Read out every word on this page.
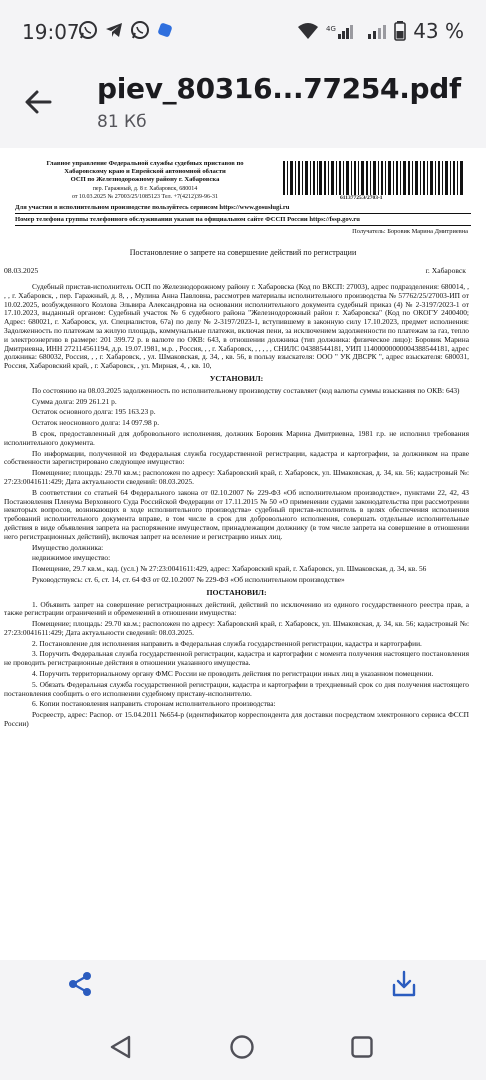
19:07	4G	43 %
piev_80316...77254.pdf
81 Кб
Главное управление Федеральной службы судебных приставов по
Хабаровскому краю и Еврейской автономной области
ОСП по Железнодорожному району г. Хабаровска
пер. Гаражный, д. 8 г. Хабаровск, 680014
от 10.03.2025 № 27003/25/1085123 Тел. +7(4212)39-96-31	61137725Э/2703-1
Для участия в исполнительном производстве пользуйтесь сервисом https://www.gosuslugi.ru
Номер телефона группы телефонного обслуживания указан на официальном сайте ФССП России https://fssp.gov.ru
Получатель: Боровик Марина Дмитриевна
Постановление о запрете на совершение действий по регистрации
08.03.2025	г. Хабаровск

Судебный пристав-исполнитель ОСП по Железнодорожному району г. Хабаровска (Код по ВКСП: 27003), адрес подразделения: 680014, , , , г. Хабаровск, , пер. Гаражный, д. 8, , , Мулина Анна Павловна, рассмотрев материалы исполнительного производства № 57762/25/27003-ИП от 10.02.2025, возбужденного Козлова Эльвира Александровна на основании исполнительного документа судебный приказ (4) № 2-3197/2023-1 от 17.10.2023, выданный органом: Судебный участок № 6 судебного района "Железнодорожный район г. Хабаровска" (Код по ОКОГУ 2400400; Адрес: 680021, г. Хабаровск, ул. Специалистов, 67а) по делу № 2-3197/2023-1, вступившему в законную силу 17.10.2023, предмет исполнения: Задолженность по платежам за жилую площадь, коммунальные платежи, включая пени, за исключением задолженности по платежам за газ, тепло и электроэнергию в размере: 201 399.72 р. в валюте по ОКВ: 643, в отношении должника (тип должника: физическое лицо): Боровик Марина Дмитриевна, ИНН 272114561194, д.р. 19.07.1981, м.р. , Россия, , , г. Хабаровск, , , , , , СНИЛС 04388544181, УИП 11400000000004388544181, адрес должника: 680032, Россия, , , г. Хабаровск, , ул. Шмаковская, д. 34, , кв. 56, в пользу взыскателя: ООО " УК ДВСРК ", адрес взыскателя: 680031, Россия, Хабаровский край, , г. Хабаровск, , ул. Мирная, 4, , кв. 10,

УСТАНОВИЛ:

По состоянию на 08.03.2025 задолженность по исполнительному производству составляет (код валюты суммы взыскания по ОКВ: 643)

Сумма долга: 209 261.21 р.

Остаток основного долга: 195 163.23 р.

Остаток неосновного долга: 14 097.98 р.

В срок, предоставленный для добровольного исполнения, должник Боровик Марина Дмитриевна, 1981 г.р. не исполнил требования исполнительного документа.

По информации, полученной из Федеральная служба государственной регистрации, кадастра и картографии, за должником на праве собственности зарегистрировано следующее имущество:

Помещение; площадь: 29.70 кв.м.; расположен по адресу: Хабаровский край, г. Хабаровск, ул. Шмаковская, д. 34, кв. 56; кадастровый №: 27:23:0041611:429; Дата актуальности сведений: 08.03.2025.

В соответствии со статьей 64 Федерального закона от 02.10.2007 № 229-ФЗ «Об исполнительном производстве», пунктами 22, 42, 43 Постановления Пленума Верховного Суда Российской Федерации от 17.11.2015 № 50 «О применении судами законодательства при рассмотрении некоторых вопросов, возникающих в ходе исполнительного производства» судебный пристав-исполнитель в целях обеспечения исполнения требований исполнительного документа вправе, в том числе в срок для добровольного исполнения, совершать отдельные исполнительные действия в виде объявления запрета на распоряжение имуществом, принадлежащим должнику (в том числе запрета на совершение в отношении него регистрационных действий), включая запрет на вселение и регистрацию иных лиц.

Имущество должника:

недвижимое имущество:

Помещение, 29.7 кв.м., кад. (усл.) № 27:23:0041611:429, адрес: Хабаровский край, г. Хабаровск, ул. Шмаковская, д. 34, кв. 56

Руководствуясь: ст. 6, ст. 14, ст. 64 ФЗ от 02.10.2007 № 229-ФЗ «Об исполнительном производстве»

ПОСТАНОВИЛ:

1. Объявить запрет на совершение регистрационных действий, действий по исключению из единого государственного реестра прав, а также регистрации ограничений и обременений в отношении имущества:

Помещение; площадь: 29.70 кв.м.; расположен по адресу: Хабаровский край, г. Хабаровск, ул. Шмаковская, д. 34, кв. 56; кадастровый №: 27:23:0041611:429; Дата актуальности сведений: 08.03.2025.

2. Постановление для исполнения направить в Федеральная служба государственной регистрации, кадастра и картографии.

3. Поручить Федеральная служба государственной регистрации, кадастра и картографии с момента получения настоящего постановления не проводить регистрационные действия в отношении указанного имущества.

4. Поручить территориальному органу ФМС России не проводить действия по регистрации иных лиц в указанном помещении.

5. Обязать Федеральная служба государственной регистрации, кадастра и картографии в трехдневный срок со дня получения настоящего постановления сообщить о его исполнении судебному приставу-исполнителю.

6. Копии постановления направить сторонам исполнительного производства:

Росреестр, адрес: Распор. от 15.04.2011 №654-р (идентификатор корреспондента для доставки посредством электронного сервиса ФССП России)
